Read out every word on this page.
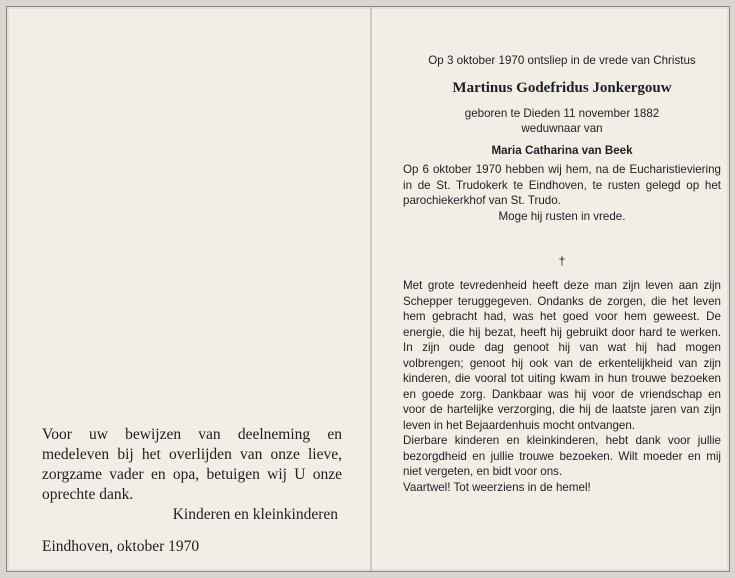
Voor uw bewijzen van deelneming en medeleven bij het overlijden van onze lieve, zorgzame vader en opa, betuigen wij U onze oprechte dank.

Kinderen en kleinkinderen

Eindhoven, oktober 1970

Op 3 oktober 1970 ontsliep in de vrede van Christus
Martinus Godefridus Jonkergouw
geboren te Dieden 11 november 1882
weduwnaar van
Maria Catharina van Beek

Op 6 oktober 1970 hebben wij hem, na de Eucharistieviering in de St. Trudokerk te Eindhoven, te rusten gelegd op het parochiekerkhof van St. Trudo.

Moge hij rusten in vrede.
†

Met grote tevredenheid heeft deze man zijn leven aan zijn Schepper teruggegeven. Ondanks de zorgen, die het leven hem gebracht had, was het goed voor hem geweest. De energie, die hij bezat, heeft hij gebruikt door hard te werken. In zijn oude dag genoot hij van wat hij had mogen volbrengen; genoot hij ook van de erkentelijkheid van zijn kinderen, die vooral tot uiting kwam in hun trouwe bezoeken en goede zorg. Dankbaar was hij voor de vriendschap en voor de hartelijke verzorging, die hij de laatste jaren van zijn leven in het Bejaardenhuis mocht ontvangen.

Dierbare kinderen en kleinkinderen, hebt dank voor jullie bezorgdheid en jullie trouwe bezoeken. Wilt moeder en mij niet vergeten, en bidt voor ons.

Vaartwel! Tot weerziens in de hemel!
